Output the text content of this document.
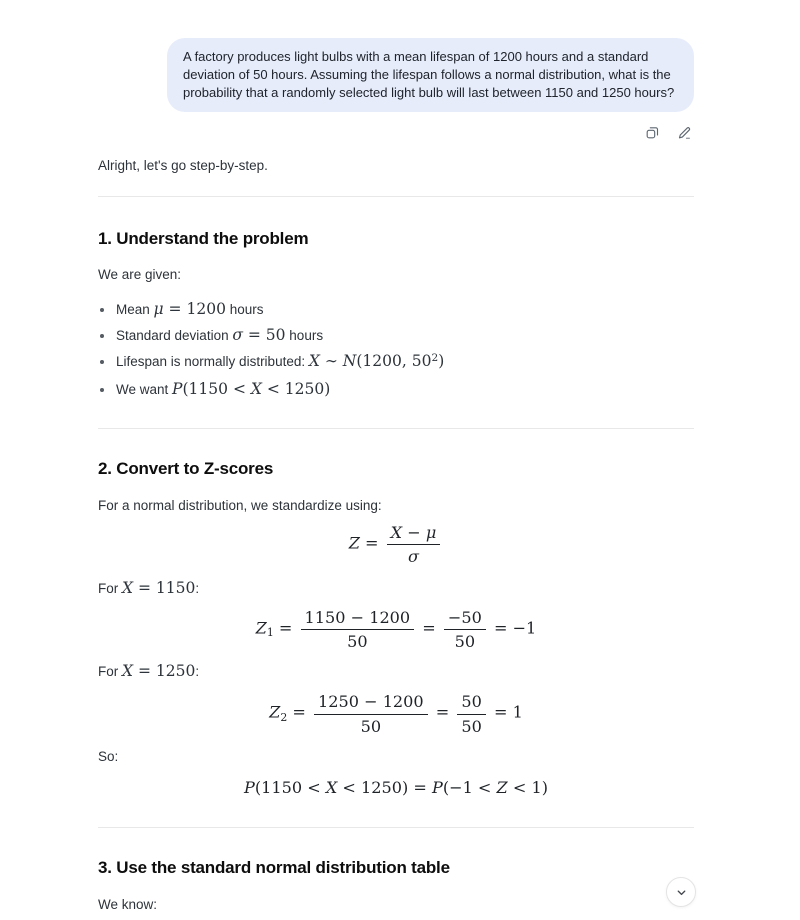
A factory produces light bulbs with a mean lifespan of 1200 hours and a standard deviation of 50 hours. Assuming the lifespan follows a normal distribution, what is the probability that a randomly selected light bulb will last between 1150 and 1250 hours?

Alright, let's go step-by-step.

1. Understand the problem

We are given:

Mean μ = 1200 hours
Standard deviation σ = 50 hours
Lifespan is normally distributed: X ∼ N(1200, $50^2$)
We want P(1150 < X < 1250)
2. Convert to Z-scores

For a normal distribution, we standardize using:

$Z = \frac{X - \mu}{\sigma}$

For X = 1150:

$Z_1 = \frac{1150 - 1200}{50} = \frac{-50}{50} = -1$

For X = 1250:

$Z_2 = \frac{1250 - 1200}{50} = \frac{50}{50} = 1$

So:

P(1150 < X < 1250) = P(−1 < Z < 1)
3. Use the standard normal distribution table

We know:
